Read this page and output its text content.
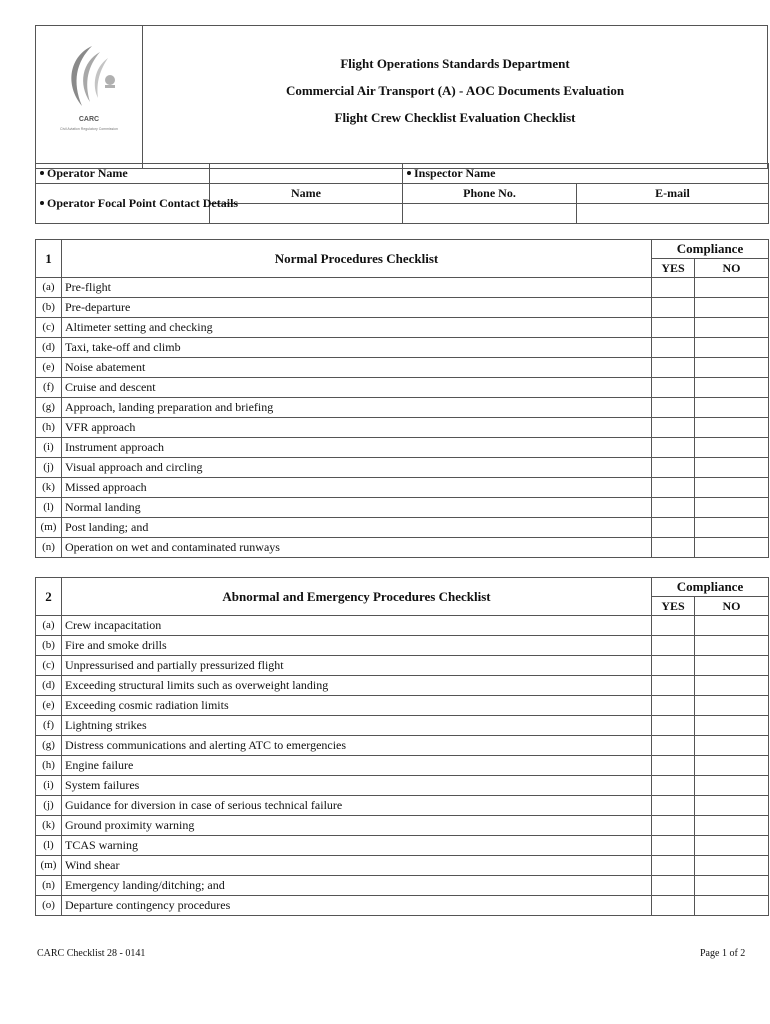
CARC
Civil Aviation Regulatory Commission
Flight Operations Standards Department
Commercial Air Transport (A) - AOC Documents Evaluation
Flight Crew Checklist Evaluation Checklist
Operator Name		Inspector Name	
Operator Focal Point Contact Details	Name	Phone No.	E-mail

1	Normal Procedures Checklist	Compliance	
		YES	NO
(a)	Pre-flight		
(b)	Pre-departure		
(c)	Altimeter setting and checking		
(d)	Taxi, take-off and climb		
(e)	Noise abatement		
(f)	Cruise and descent		
(g)	Approach, landing preparation and briefing		
(h)	VFR approach		
(i)	Instrument approach		
(j)	Visual approach and circling		
(k)	Missed approach		
(l)	Normal landing		
(m)	Post landing; and		
(n)	Operation on wet and contaminated runways		
2	Abnormal and Emergency Procedures Checklist	Compliance	
		YES	NO
(a)	Crew incapacitation		
(b)	Fire and smoke drills		
(c)	Unpressurised and partially pressurized flight		
(d)	Exceeding structural limits such as overweight landing		
(e)	Exceeding cosmic radiation limits		
(f)	Lightning strikes		
(g)	Distress communications and alerting ATC to emergencies		
(h)	Engine failure		
(i)	System failures		
(j)	Guidance for diversion in case of serious technical failure		
(k)	Ground proximity warning		
(l)	TCAS warning		
(m)	Wind shear		
(n)	Emergency landing/ditching; and		
(o)	Departure contingency procedures		
CARC Checklist 28 - 0141	Page 1 of 2
